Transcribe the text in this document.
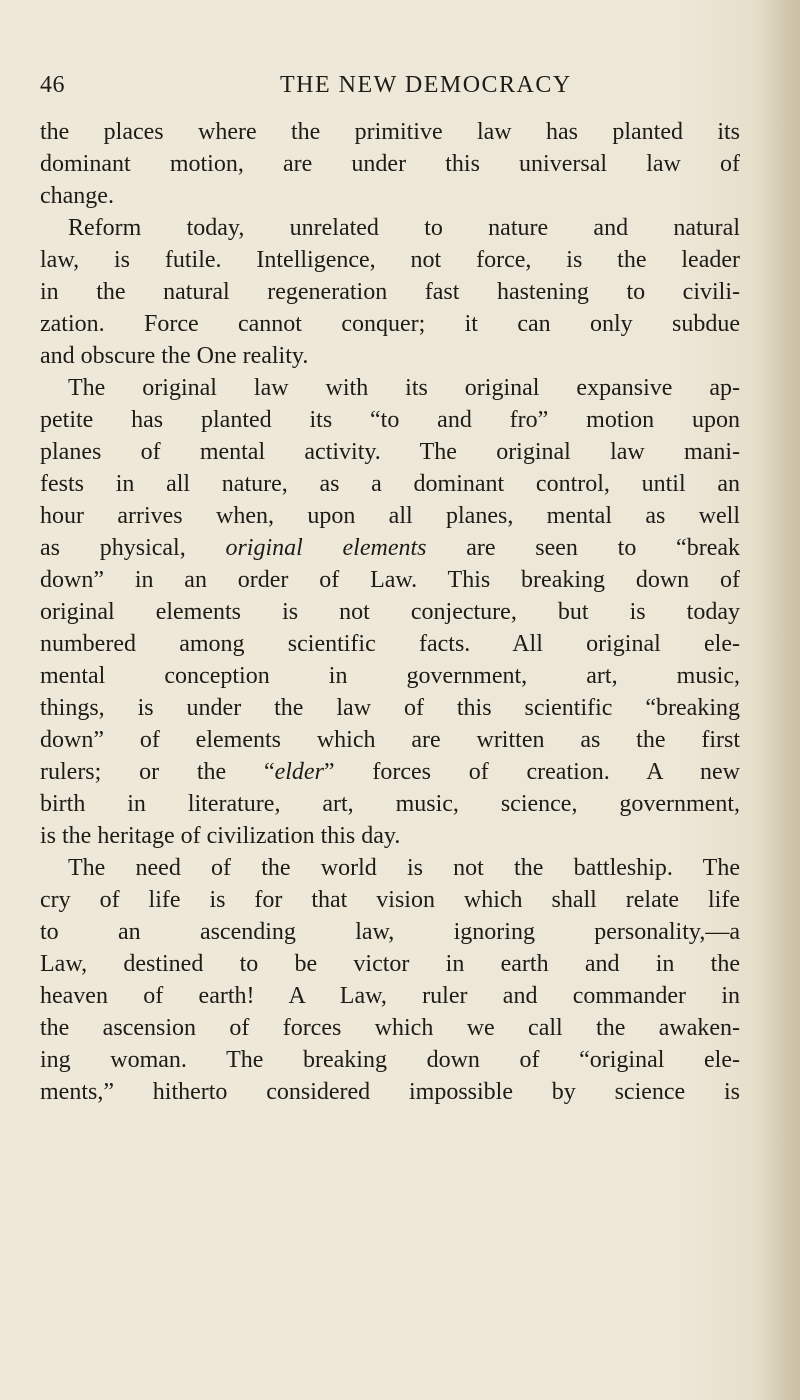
46	THE NEW DEMOCRACY
the places where the primitive law has planted its
dominant motion, are under this universal law of
change.
Reform today, unrelated to nature and natural
law, is futile. Intelligence, not force, is the leader
in the natural regeneration fast hastening to civili-
zation. Force cannot conquer; it can only subdue
and obscure the One reality.
The original law with its original expansive ap-
petite has planted its “to and fro” motion upon
planes of mental activity. The original law mani-
fests in all nature, as a dominant control, until an
hour arrives when, upon all planes, mental as well
as physical, original elements are seen to “break
down” in an order of Law. This breaking down of
original elements is not conjecture, but is today
numbered among scientific facts. All original ele-
mental conception in government, art, music,
things, is under the law of this scientific “breaking
down” of elements which are written as the first
rulers; or the “elder” forces of creation. A new
birth in literature, art, music, science, government,
is the heritage of civilization this day.
The need of the world is not the battleship. The
cry of life is for that vision which shall relate life
to an ascending law, ignoring personality,—a
Law, destined to be victor in earth and in the
heaven of earth! A Law, ruler and commander in
the ascension of forces which we call the awaken-
ing woman. The breaking down of “original ele-
ments,” hitherto considered impossible by science is
